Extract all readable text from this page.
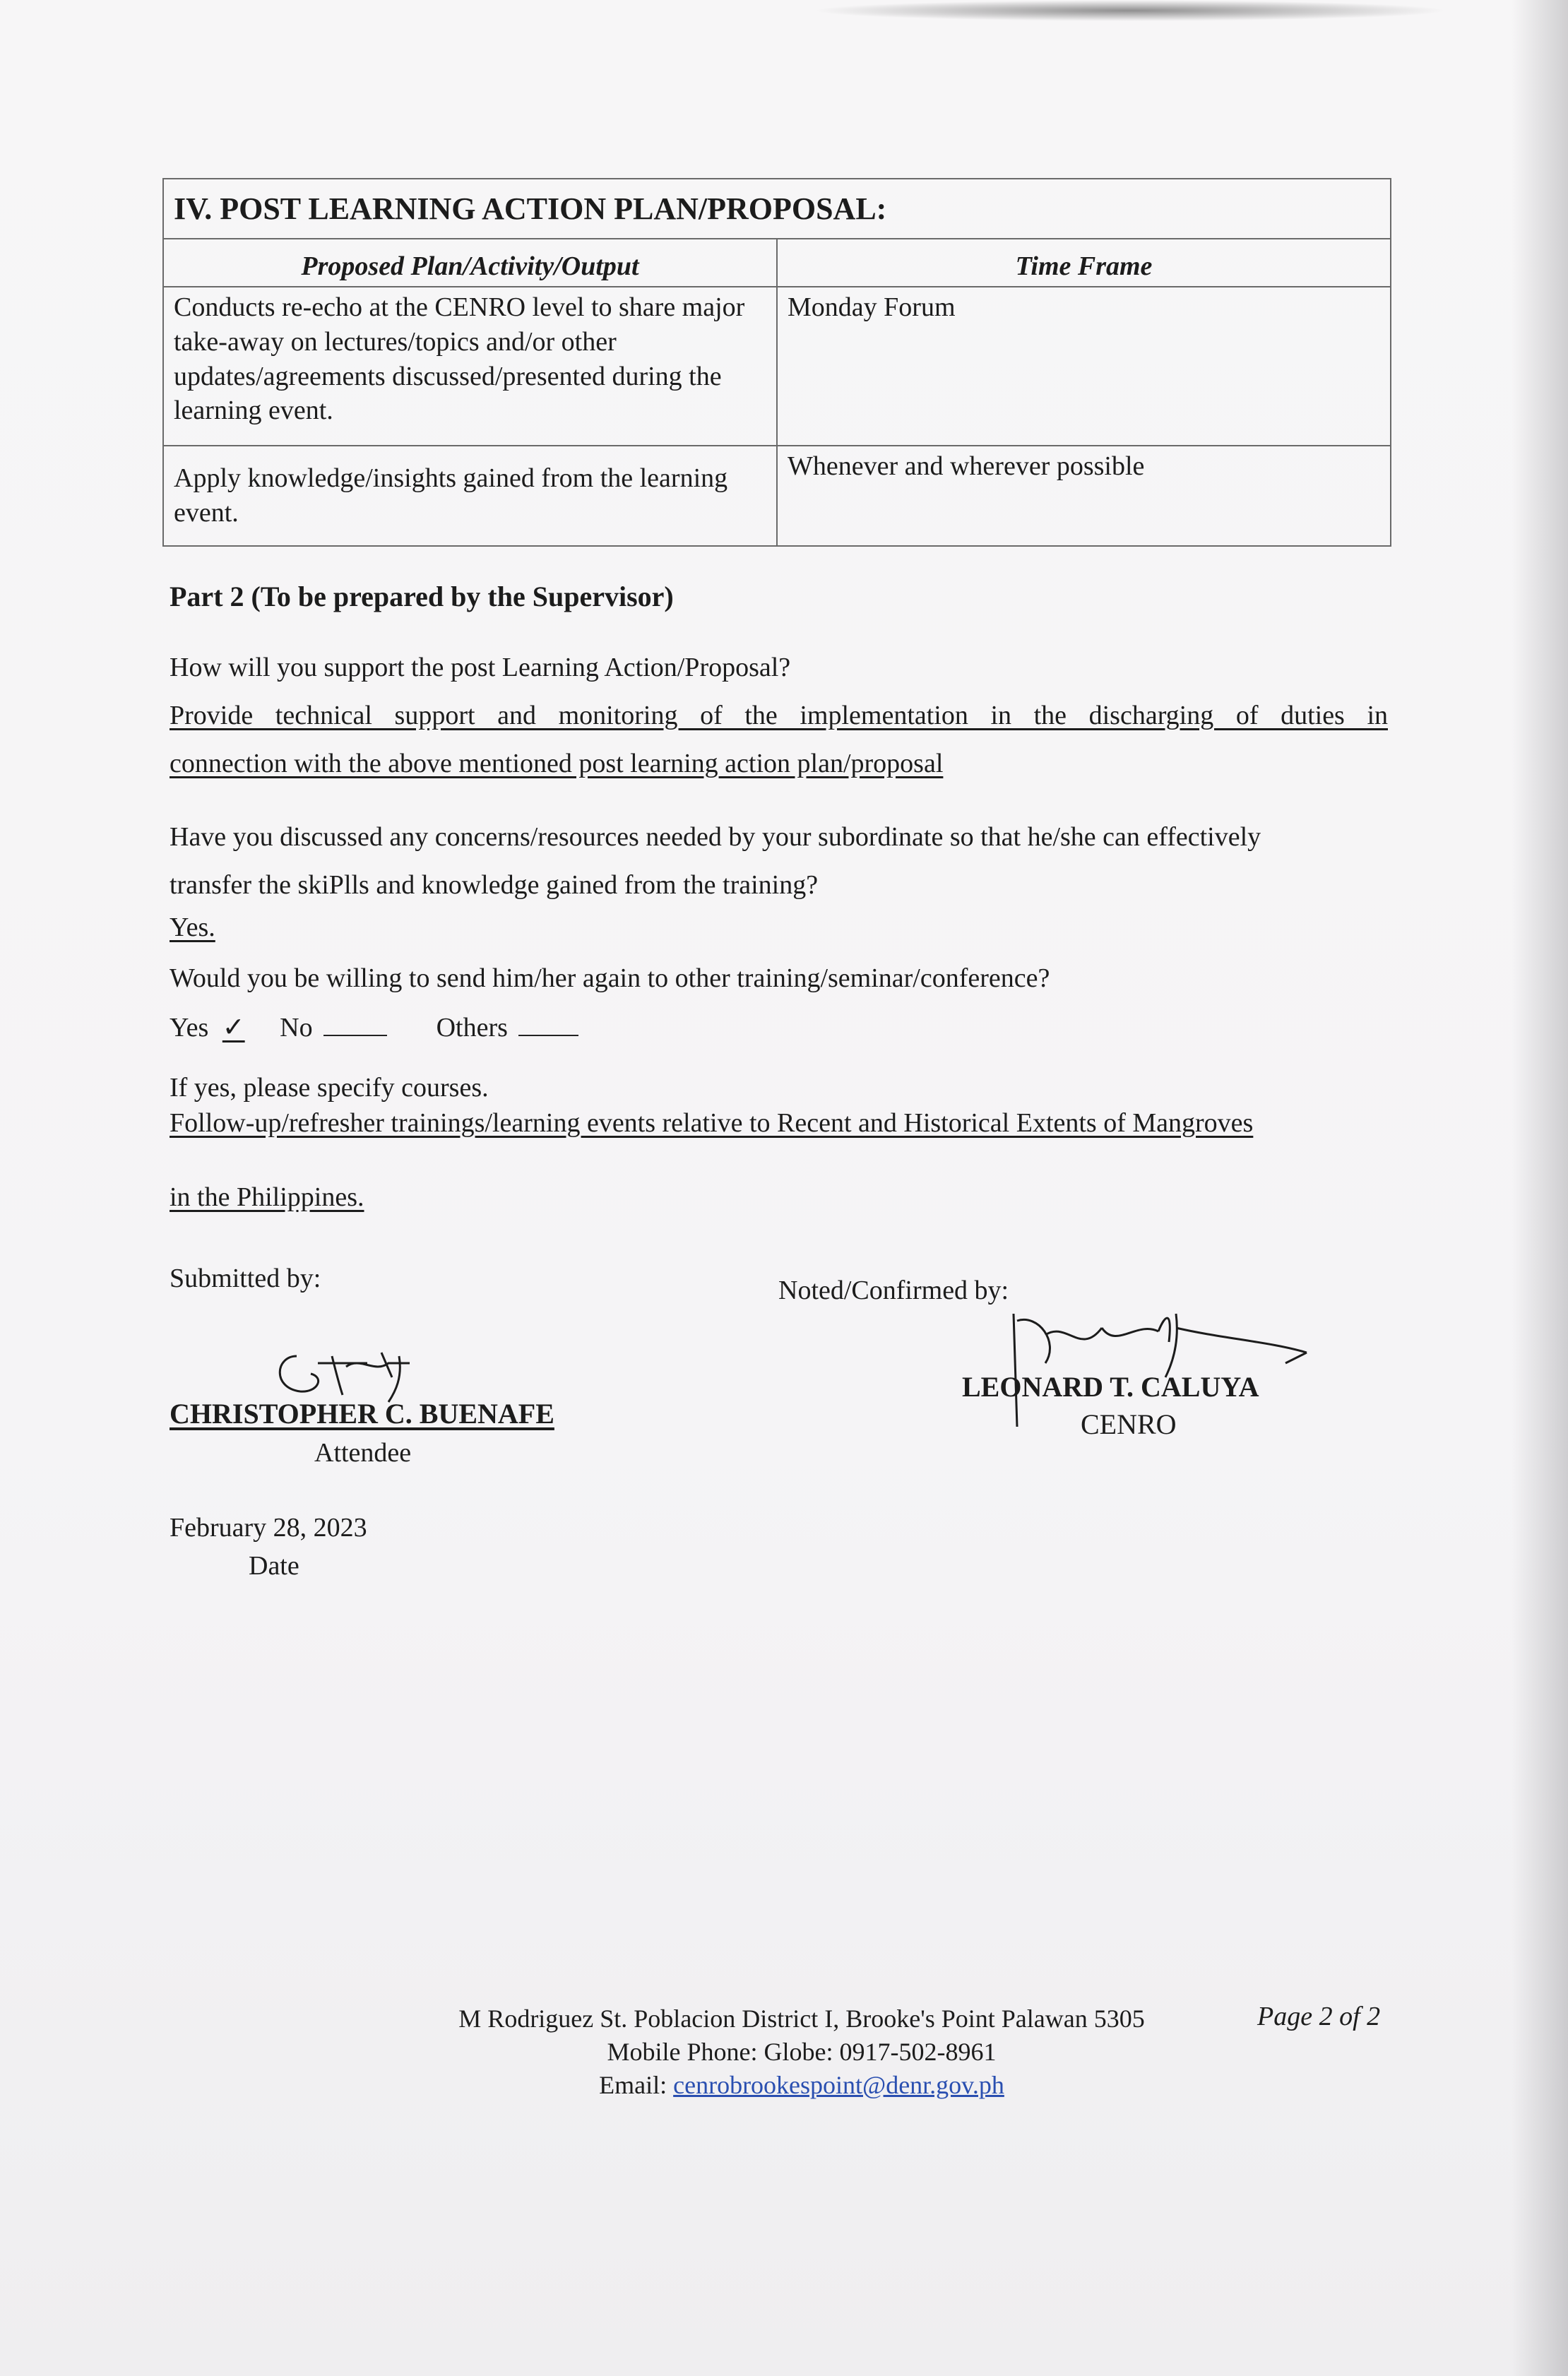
IV. POST LEARNING ACTION PLAN/PROPOSAL:	
Proposed Plan/Activity/Output	Time Frame
Conducts re-echo at the CENRO level to share major take-away on lectures/topics and/or other updates/agreements discussed/presented during the learning event.	Monday Forum
Apply knowledge/insights gained from the learning event.	Whenever and wherever possible
Part 2 (To be prepared by the Supervisor)
How will you support the post Learning Action/Proposal?
Provide technical support and monitoring of the implementation in the discharging of duties in
connection with the above mentioned post learning action plan/proposal
Have you discussed any concerns/resources needed by your subordinate so that he/she can effectively
transfer the skiPlls and knowledge gained from the training?
Yes.
Would you be willing to send him/her again to other training/seminar/conference?
Yes ✓ No	Others
If yes, please specify courses.
Follow-up/refresher trainings/learning events relative to Recent and Historical Extents of Mangroves
in the Philippines.
Submitted by:	Noted/Confirmed by:
CHRISTOPHER C. BUENAFE
Attendee
LEONARD T. CALUYA
CENRO
February 28, 2023
Date
M Rodriguez St. Poblacion District I, Brooke's Point Palawan 5305
Mobile Phone: Globe: 0917-502-8961
Email: cenrobrookespoint@denr.gov.ph
Page 2 of 2
